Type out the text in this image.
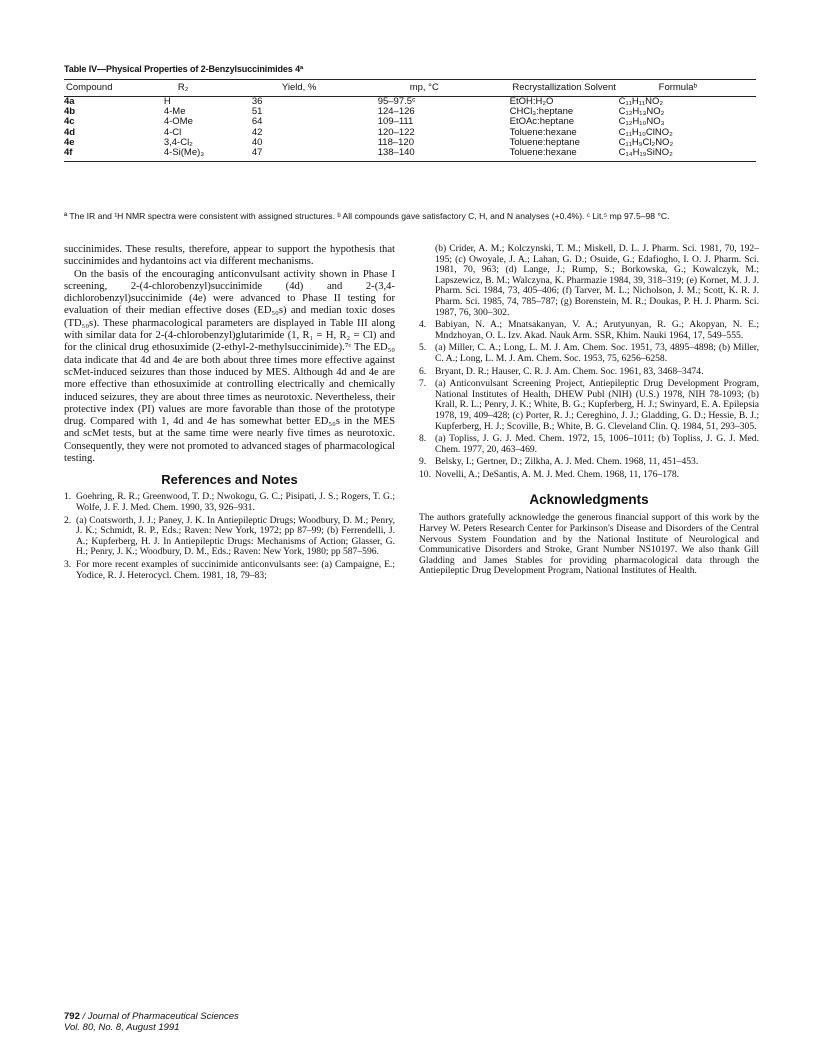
Table IV—Physical Properties of 2-Benzylsuccinimides 4ª
Compound	R₂	Yield, %	mp, °C	Recrystallization Solvent	Formulaᵇ

4a	H	36	95–97.5ᶜ	EtOH:H₂O	C₁₁H₁₁NO₂
4b	4-Me	51	124–126	CHCl₃:heptane	C₁₂H₁₃NO₂
4c	4-OMe	64	109–111	EtOAc:heptane	C₁₂H₁₀NO₃
4d	4-Cl	42	120–122	Toluene:hexane	C₁₁H₁₀ClNO₂
4e	3,4-Cl₂	40	118–120	Toluene:heptane	C₁₁H₉Cl₂NO₂
4f	4-Si(Me)₃	47	138–140	Toluene:hexane	C₁₄H₁₉SiNO₂
ª The IR and ¹H NMR spectra were consistent with assigned structures. ᵇ All compounds gave satisfactory C, H, and N analyses (+0.4%). ᶜ Lit.⁵ mp 97.5–98 °C.

succinimides. These results, therefore, appear to support the hypothesis that succinimides and hydantoins act via different mechanisms.

On the basis of the encouraging anticonvulsant activity shown in Phase I screening, 2-(4-chlorobenzyl)succinimide (4d) and 2-(3,4-dichlorobenzyl)succinimide (4e) were advanced to Phase II testing for evaluation of their median effective doses (ED₅₀s) and median toxic doses (TD₅₀s). These pharmacological parameters are displayed in Table III along with similar data for 2-(4-chlorobenzyl)glutarimide (1, R₁ = H, R₂ = Cl) and for the clinical drug ethosuximide (2-ethyl-2-methylsuccinimide).⁷ᶜ The ED₅₀ data indicate that 4d and 4e are both about three times more effective against scMet-induced seizures than those induced by MES. Although 4d and 4e are more effective than ethosuximide at controlling electrically and chemically induced seizures, they are about three times as neurotoxic. Nevertheless, their protective index (PI) values are more favorable than those of the prototype drug. Compared with 1, 4d and 4e has somewhat better ED₅₀s in the MES and scMet tests, but at the same time were nearly five times as neurotoxic. Consequently, they were not promoted to advanced stages of pharmacological testing.

References and Notes
1. Goehring, R. R.; Greenwood, T. D.; Nwokogu, G. C.; Pisipati, J. S.; Rogers, T. G.; Wolfe, J. F. J. Med. Chem. 1990, 33, 926–931.
2. (a) Coatsworth, J. J.; Paney, J. K. In Antiepileptic Drugs; Woodbury, D. M.; Penry, J. K.; Schmidt, R. P., Eds.; Raven: New York, 1972; pp 87–99; (b) Ferrendelli, J. A.; Kupferberg, H. J. In Antiepileptic Drugs: Mechanisms of Action; Glasser, G. H.; Penry, J. K.; Woodbury, D. M., Eds.; Raven: New York, 1980; pp 587–596.
3. For more recent examples of succinimide anticonvulsants see: (a) Campaigne, E.; Yodice, R. J. Heterocycl. Chem. 1981, 18, 79–83;
(b) Crider, A. M.; Kolczynski, T. M.; Miskell, D. L. J. Pharm. Sci. 1981, 70, 192–195; (c) Owoyale, J. A.; Lahan, G. D.; Osuide, G.; Edafiogho, I. O. J. Pharm. Sci. 1981, 70, 963; (d) Lange, J.; Rump, S.; Borkowska, G.; Kowalczyk, M.; Lapszewicz, B. M.; Walczyna, K. Pharmazie 1984, 39, 318–319; (e) Kornet, M. J. J. Pharm. Sci. 1984, 73, 405–406; (f) Tarver, M. L.; Nicholson, J. M.; Scott, K. R. J. Pharm. Sci. 1985, 74, 785–787; (g) Borenstein, M. R.; Doukas, P. H. J. Pharm. Sci. 1987, 76, 300–302.
4. Babiyan, N. A.; Mnatsakanyan, V. A.; Arutyunyan, R. G.; Akopyan, N. E.; Mndzhoyan, O. L. Izv. Akad. Nauk Arm. SSR, Khim. Nauki 1964, 17, 549–555.
5. (a) Miller, C. A.; Long, L. M. J. Am. Chem. Soc. 1951, 73, 4895–4898; (b) Miller, C. A.; Long, L. M. J. Am. Chem. Soc. 1953, 75, 6256–6258.
6. Bryant, D. R.; Hauser, C. R. J. Am. Chem. Soc. 1961, 83, 3468–3474.
7. (a) Anticonvulsant Screening Project, Antiepileptic Drug Development Program, National Institutes of Health, DHEW Publ (NIH) (U.S.) 1978, NIH 78-1093; (b) Krall, R. L.; Penry, J. K.; White, B. G.; Kupferberg, H. J.; Swinyard, E. A. Epilepsia 1978, 19, 409–428; (c) Porter, R. J.; Cereghino, J. J.; Gladding, G. D.; Hessie, B. J.; Kupferberg, H. J.; Scoville, B.; White, B. G. Cleveland Clin. Q. 1984, 51, 293–305.
8. (a) Topliss, J. G. J. Med. Chem. 1972, 15, 1006–1011; (b) Topliss, J. G. J. Med. Chem. 1977, 20, 463–469.
9. Belsky, I.; Gertner, D.; Zilkha, A. J. Med. Chem. 1968, 11, 451–453.
10. Novelli, A.; DeSantis, A. M. J. Med. Chem. 1968, 11, 176–178.
Acknowledgments

The authors gratefully acknowledge the generous financial support of this work by the Harvey W. Peters Research Center for Parkinson's Disease and Disorders of the Central Nervous System Foundation and by the National Institute of Neurological and Communicative Disorders and Stroke, Grant Number NS10197. We also thank Gill Gladding and James Stables for providing pharmacological data through the Antiepileptic Drug Development Program, National Institutes of Health.

792 / Journal of Pharmaceutical Sciences
Vol. 80, No. 8, August 1991
